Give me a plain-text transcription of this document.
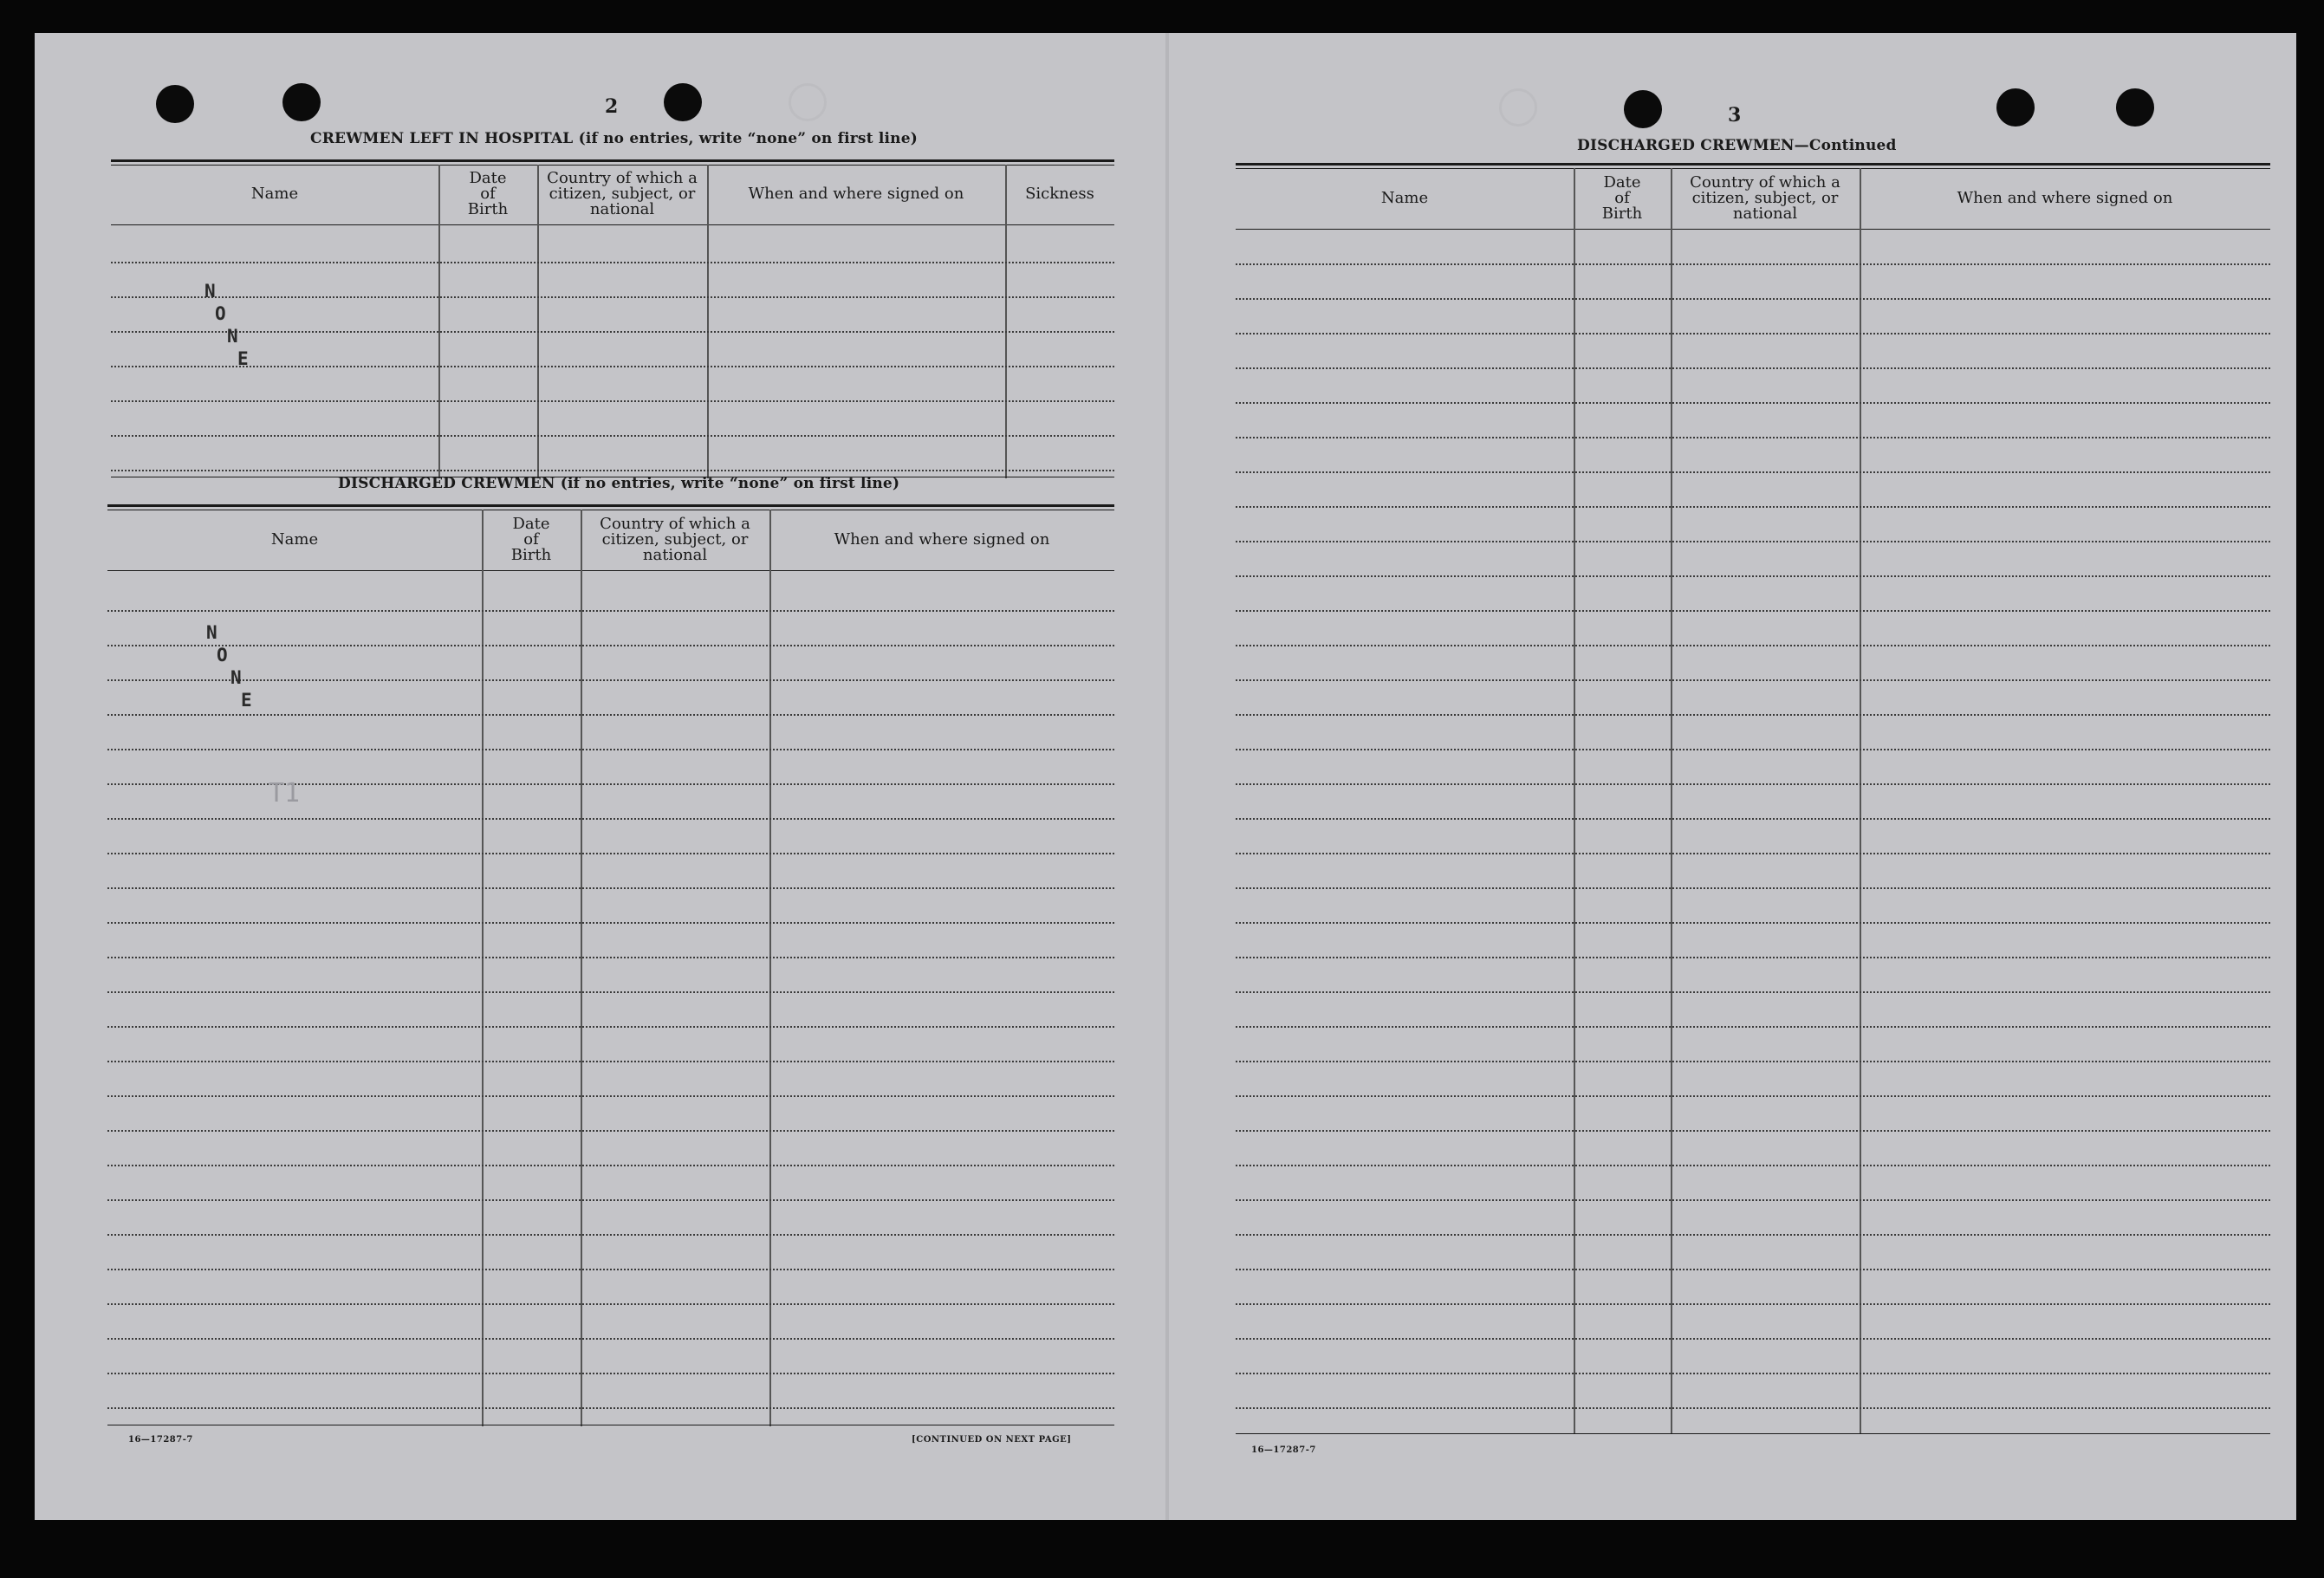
2
CREWMEN LEFT IN HOSPITAL (if no entries, write “none” on first line)
Name
Date
of
Birth
Country of which a
citizen, subject, or
national
When and where signed on	Sickness
N
O
N
E
DISCHARGED CREWMEN (if no entries, write “none” on first line)
Name
Date
of
Birth
Country of which a
citizen, subject, or
national
When and where signed on
N
O
N
E
T1
16—17287-7	[CONTINUED ON NEXT PAGE]
3
DISCHARGED CREWMEN—Continued
Name
Date
of
Birth
Country of which a
citizen, subject, or
national
When and where signed on
16—17287-7
